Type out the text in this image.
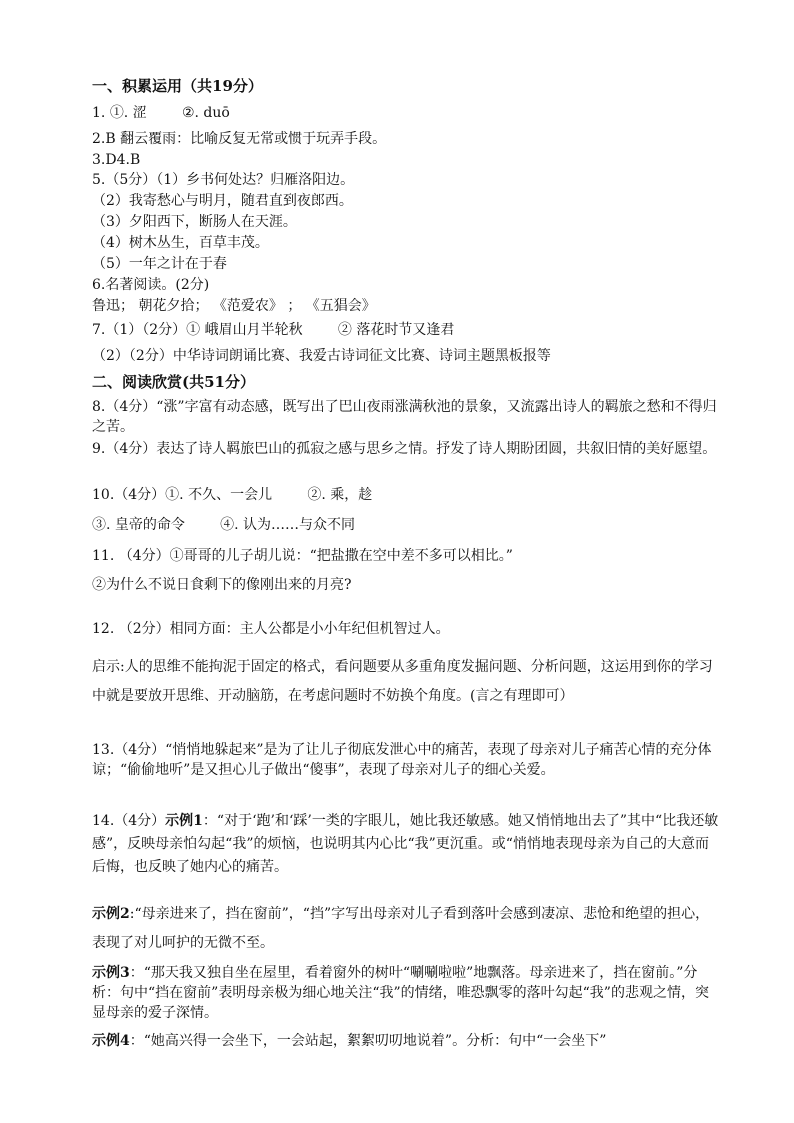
一、积累运用（共19分）
1. ①. 涩	②. duō
2.B 翻云覆雨：比喻反复无常或惯于玩弄手段。
3.D4.B
5.（5分）（1）乡书何处达？归雁洛阳边。
（2）我寄愁心与明月，随君直到夜郎西。
（3）夕阳西下，断肠人在天涯。
（4）树木丛生，百草丰茂。
（5）一年之计在于春
6.名著阅读。(2分)
鲁迅； 朝花夕拾； 《范爱农》 ； 《五猖会》
7.（1）（2分）① 峨眉山月半轮秋	② 落花时节又逢君
（2）（2分）中华诗词朗诵比赛、我爱古诗词征文比赛、诗词主题黑板报等
二、阅读欣赏(共51分）
8.（4分）“涨”字富有动态感，既写出了巴山夜雨涨满秋池的景象，又流露出诗人的羁旅之愁和不得归之苦。
9.（4分）表达了诗人羁旅巴山的孤寂之感与思乡之情。抒发了诗人期盼团圆，共叙旧情的美好愿望。
10.（4分）①. 不久、一会儿	②. 乘，趁
③. 皇帝的命令	④. 认为……与众不同
11. （4分）①哥哥的儿子胡儿说：“把盐撒在空中差不多可以相比。”
②为什么不说日食剩下的像刚出来的月亮?
12. （2分）相同方面：主人公都是小小年纪但机智过人。
启示:人的思维不能拘泥于固定的格式，看问题要从多重角度发掘问题、分析问题，这运用到你的学习中就是要放开思维、开动脑筋，在考虑问题时不妨换个角度。(言之有理即可）
13.（4分）“悄悄地躲起来”是为了让儿子彻底发泄心中的痛苦，表现了母亲对儿子痛苦心情的充分体谅；“偷偷地听”是又担心儿子做出“傻事”，表现了母亲对儿子的细心关爱。
14.（4分）示例1：“对于‘跑’和‘踩’一类的字眼儿，她比我还敏感。她又悄悄地出去了”其中“比我还敏感”，反映母亲怕勾起“我”的烦恼，也说明其内心比“我”更沉重。或“悄悄地表现母亲为自己的大意而后悔，也反映了她内心的痛苦。
示例2:“母亲进来了，挡在窗前”，“挡”字写出母亲对儿子看到落叶会感到凄凉、悲怆和绝望的担心，表现了对儿呵护的无微不至。
示例3：“那天我又独自坐在屋里，看着窗外的树叶“唰唰啦啦”地飘落。母亲进来了，挡在窗前。”分析：句中“挡在窗前”表明母亲极为细心地关注“我”的情绪，唯恐飘零的落叶勾起“我”的悲观之情，突显母亲的爱子深情。
示例4：“她高兴得一会坐下，一会站起，絮絮叨叨地说着”。分析：句中“一会坐下”
